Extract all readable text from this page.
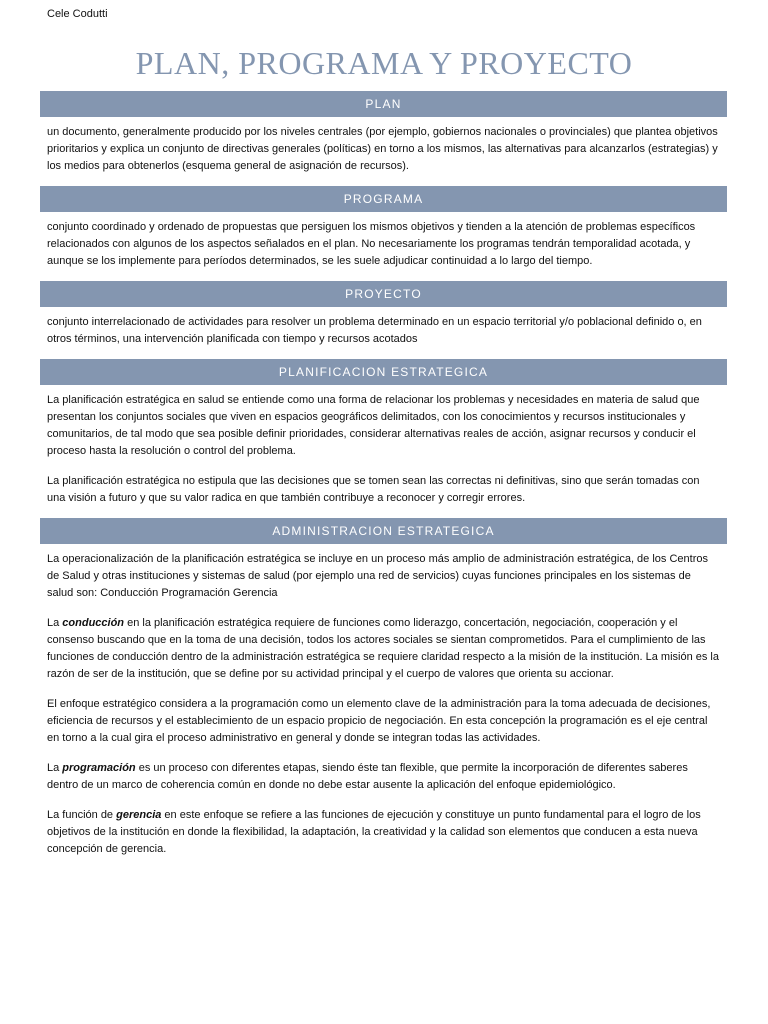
Cele Codutti
PLAN, PROGRAMA Y PROYECTO
PLAN

un documento, generalmente producido por los niveles centrales (por ejemplo, gobiernos nacionales o provinciales) que plantea objetivos prioritarios y explica un conjunto de directivas generales (políticas) en torno a los mismos, las alternativas para alcanzarlos (estrategias) y los medios para obtenerlos (esquema general de asignación de recursos).

PROGRAMA

conjunto coordinado y ordenado de propuestas que persiguen los mismos objetivos y tienden a la atención de problemas específicos relacionados con algunos de los aspectos señalados en el plan. No necesariamente los programas tendrán temporalidad acotada, y aunque se los implemente para períodos determinados, se les suele adjudicar continuidad a lo largo del tiempo.

PROYECTO

conjunto interrelacionado de actividades para resolver un problema determinado en un espacio territorial y/o poblacional definido o, en otros términos, una intervención planificada con tiempo y recursos acotados

PLANIFICACION ESTRATEGICA

La planificación estratégica en salud se entiende como una forma de relacionar los problemas y necesidades en materia de salud que presentan los conjuntos sociales que viven en espacios geográficos delimitados, con los conocimientos y recursos institucionales y comunitarios, de tal modo que sea posible definir prioridades, considerar alternativas reales de acción, asignar recursos y conducir el proceso hasta la resolución o control del problema.

La planificación estratégica no estipula que las decisiones que se tomen sean las correctas ni definitivas, sino que serán tomadas con una visión a futuro y que su valor radica en que también contribuye a reconocer y corregir errores.

ADMINISTRACION ESTRATEGICA

La operacionalización de la planificación estratégica se incluye en un proceso más amplio de administración estratégica, de los Centros de Salud y otras instituciones y sistemas de salud (por ejemplo una red de servicios) cuyas funciones principales en los sistemas de salud son: Conducción Programación Gerencia

La conducción en la planificación estratégica requiere de funciones como liderazgo, concertación, negociación, cooperación y el consenso buscando que en la toma de una decisión, todos los actores sociales se sientan comprometidos. Para el cumplimiento de las funciones de conducción dentro de la administración estratégica se requiere claridad respecto a la misión de la institución. La misión es la razón de ser de la institución, que se define por su actividad principal y el cuerpo de valores que orienta su accionar.

El enfoque estratégico considera a la programación como un elemento clave de la administración para la toma adecuada de decisiones, eficiencia de recursos y el establecimiento de un espacio propicio de negociación. En esta concepción la programación es el eje central en torno a la cual gira el proceso administrativo en general y donde se integran todas las actividades.

La programación es un proceso con diferentes etapas, siendo éste tan flexible, que permite la incorporación de diferentes saberes dentro de un marco de coherencia común en donde no debe estar ausente la aplicación del enfoque epidemiológico.

La función de gerencia en este enfoque se refiere a las funciones de ejecución y constituye un punto fundamental para el logro de los objetivos de la institución en donde la flexibilidad, la adaptación, la creatividad y la calidad son elementos que conducen a esta nueva concepción de gerencia.
